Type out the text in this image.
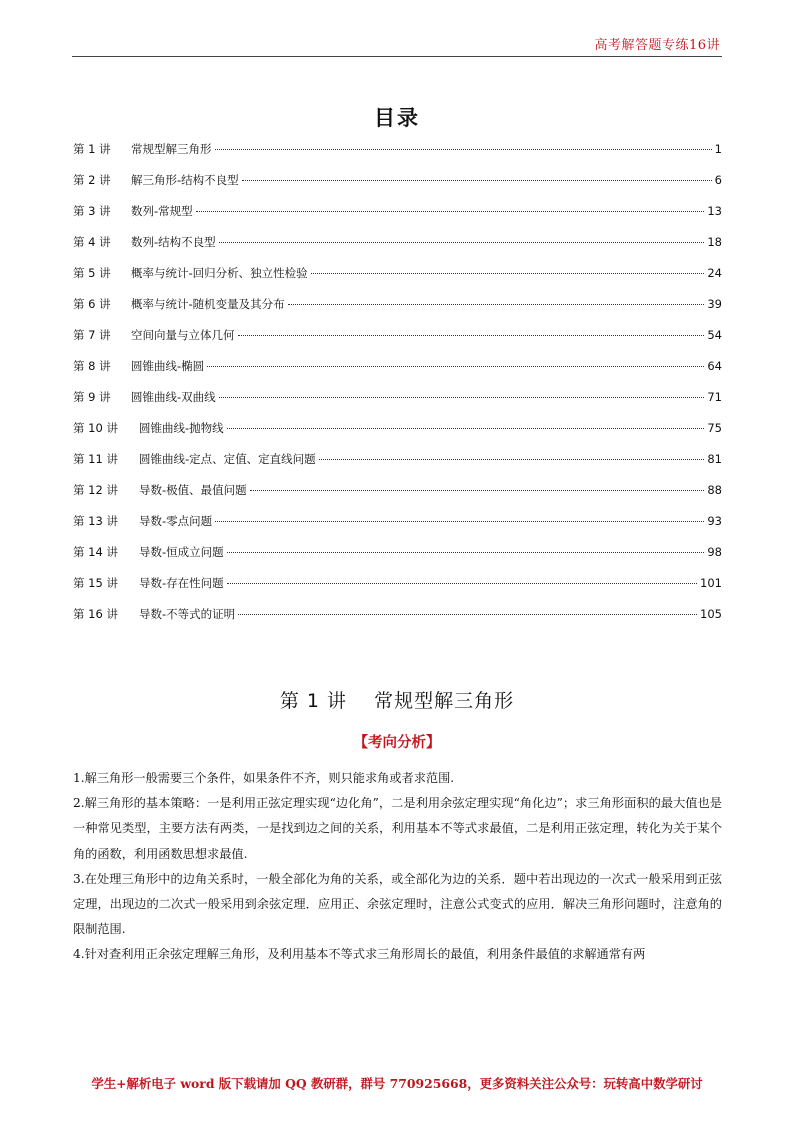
高考解答题专练16讲
目录
第 1 讲	常规型解三角形	1
第 2 讲	解三角形-结构不良型	6
第 3 讲	数列-常规型	13
第 4 讲	数列-结构不良型	18
第 5 讲	概率与统计-回归分析、独立性检验	24
第 6 讲	概率与统计-随机变量及其分布	39
第 7 讲	空间向量与立体几何	54
第 8 讲	圆锥曲线-椭圆	64
第 9 讲	圆锥曲线-双曲线	71
第 10 讲	圆锥曲线-抛物线	75
第 11 讲	圆锥曲线-定点、定值、定直线问题	81
第 12 讲	导数-极值、最值问题	88
第 13 讲	导数-零点问题	93
第 14 讲	导数-恒成立问题	98
第 15 讲	导数-存在性问题	101
第 16 讲	导数-不等式的证明	105
第 1 讲 常规型解三角形
【考向分析】

1.解三角形一般需要三个条件，如果条件不齐，则只能求角或者求范围.

2.解三角形的基本策略：一是利用正弦定理实现“边化角”，二是利用余弦定理实现“角化边”；求三角形面积的最大值也是一种常见类型，主要方法有两类，一是找到边之间的关系，利用基本不等式求最值，二是利用正弦定理，转化为关于某个角的函数，利用函数思想求最值.

3.在处理三角形中的边角关系时，一般全部化为角的关系，或全部化为边的关系．题中若出现边的一次式一般采用到正弦定理，出现边的二次式一般采用到余弦定理．应用正、余弦定理时，注意公式变式的应用．解决三角形问题时，注意角的限制范围.

4.针对查利用正余弦定理解三角形，及利用基本不等式求三角形周长的最值，利用条件最值的求解通常有两

学生+解析电子 word 版下载请加 QQ 教研群，群号 770925668，更多资料关注公众号：玩转高中数学研讨
